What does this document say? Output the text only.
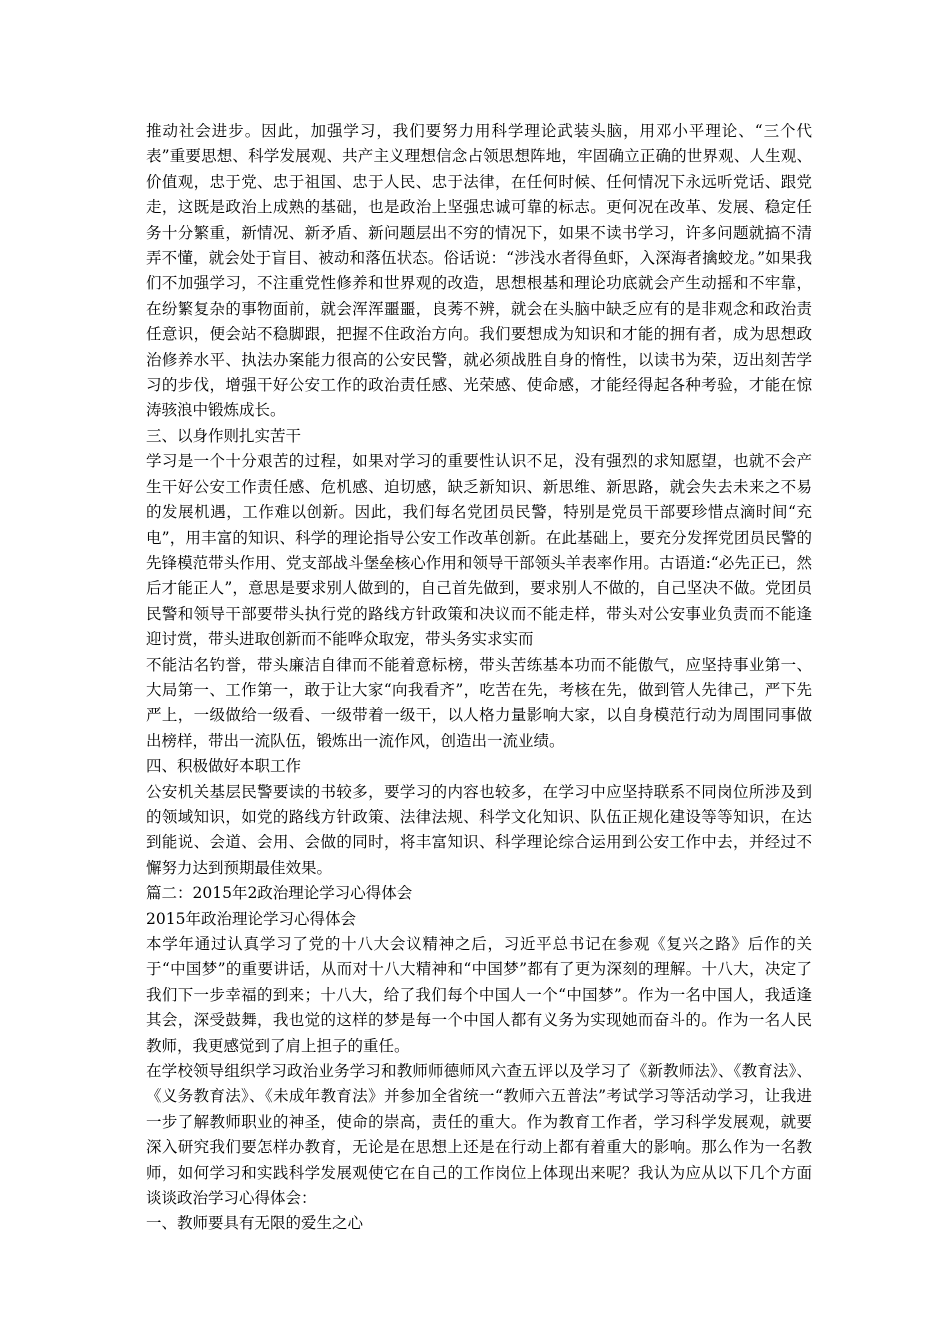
推动社会进步。因此，加强学习，我们要努力用科学理论武装头脑，用邓小平理论、“三个代表”重要思想、科学发展观、共产主义理想信念占领思想阵地，牢固确立正确的世界观、人生观、价值观，忠于党、忠于祖国、忠于人民、忠于法律，在任何时候、任何情况下永远听党话、跟党走，这既是政治上成熟的基础，也是政治上坚强忠诚可靠的标志。更何况在改革、发展、稳定任务十分繁重，新情况、新矛盾、新问题层出不穷的情况下，如果不读书学习，许多问题就搞不清弄不懂，就会处于盲目、被动和落伍状态。俗话说：“涉浅水者得鱼虾，入深海者擒蛟龙。”如果我们不加强学习，不注重党性修养和世界观的改造，思想根基和理论功底就会产生动摇和不牢靠，在纷繁复杂的事物面前，就会浑浑噩噩，良莠不辨，就会在头脑中缺乏应有的是非观念和政治责任意识，便会站不稳脚跟，把握不住政治方向。我们要想成为知识和才能的拥有者，成为思想政治修养水平、执法办案能力很高的公安民警，就必须战胜自身的惰性，以读书为荣，迈出刻苦学习的步伐，增强干好公安工作的政治责任感、光荣感、使命感，才能经得起各种考验，才能在惊涛骇浪中锻炼成长。

三、以身作则扎实苦干

学习是一个十分艰苦的过程，如果对学习的重要性认识不足，没有强烈的求知愿望，也就不会产生干好公安工作责任感、危机感、迫切感，缺乏新知识、新思维、新思路，就会失去未来之不易的发展机遇，工作难以创新。因此，我们每名党团员民警，特别是党员干部要珍惜点滴时间“充电”，用丰富的知识、科学的理论指导公安工作改革创新。在此基础上，要充分发挥党团员民警的先锋模范带头作用、党支部战斗堡垒核心作用和领导干部领头羊表率作用。古语道:“必先正已，然后才能正人”，意思是要求别人做到的，自己首先做到，要求别人不做的，自己坚决不做。党团员民警和领导干部要带头执行党的路线方针政策和决议而不能走样，带头对公安事业负责而不能逢迎讨赏，带头进取创新而不能哗众取宠，带头务实求实而

不能沽名钓誉，带头廉洁自律而不能着意标榜，带头苦练基本功而不能傲气，应坚持事业第一、大局第一、工作第一，敢于让大家“向我看齐”，吃苦在先，考核在先，做到管人先律己，严下先严上，一级做给一级看、一级带着一级干，以人格力量影响大家，以自身模范行动为周围同事做出榜样，带出一流队伍，锻炼出一流作风，创造出一流业绩。

四、积极做好本职工作

公安机关基层民警要读的书较多，要学习的内容也较多，在学习中应坚持联系不同岗位所涉及到的领域知识，如党的路线方针政策、法律法规、科学文化知识、队伍正规化建设等等知识，在达到能说、会道、会用、会做的同时，将丰富知识、科学理论综合运用到公安工作中去，并经过不懈努力达到预期最佳效果。

篇二：2015年2政治理论学习心得体会

2015年政治理论学习心得体会

本学年通过认真学习了党的十八大会议精神之后，习近平总书记在参观《复兴之路》后作的关于“中国梦”的重要讲话，从而对十八大精神和“中国梦”都有了更为深刻的理解。十八大，决定了我们下一步幸福的到来；十八大，给了我们每个中国人一个“中国梦”。作为一名中国人，我适逢其会，深受鼓舞，我也觉的这样的梦是每一个中国人都有义务为实现她而奋斗的。作为一名人民教师，我更感觉到了肩上担子的重任。

在学校领导组织学习政治业务学习和教师师德师风六查五评以及学习了《新教师法》、《教育法》、《义务教育法》、《未成年教育法》并参加全省统一“教师六五普法”考试学习等活动学习，让我进一步了解教师职业的神圣，使命的崇高，责任的重大。作为教育工作者，学习科学发展观，就要深入研究我们要怎样办教育，无论是在思想上还是在行动上都有着重大的影响。那么作为一名教师，如何学习和实践科学发展观使它在自己的工作岗位上体现出来呢？我认为应从以下几个方面谈谈政治学习心得体会：

一、教师要具有无限的爱生之心
